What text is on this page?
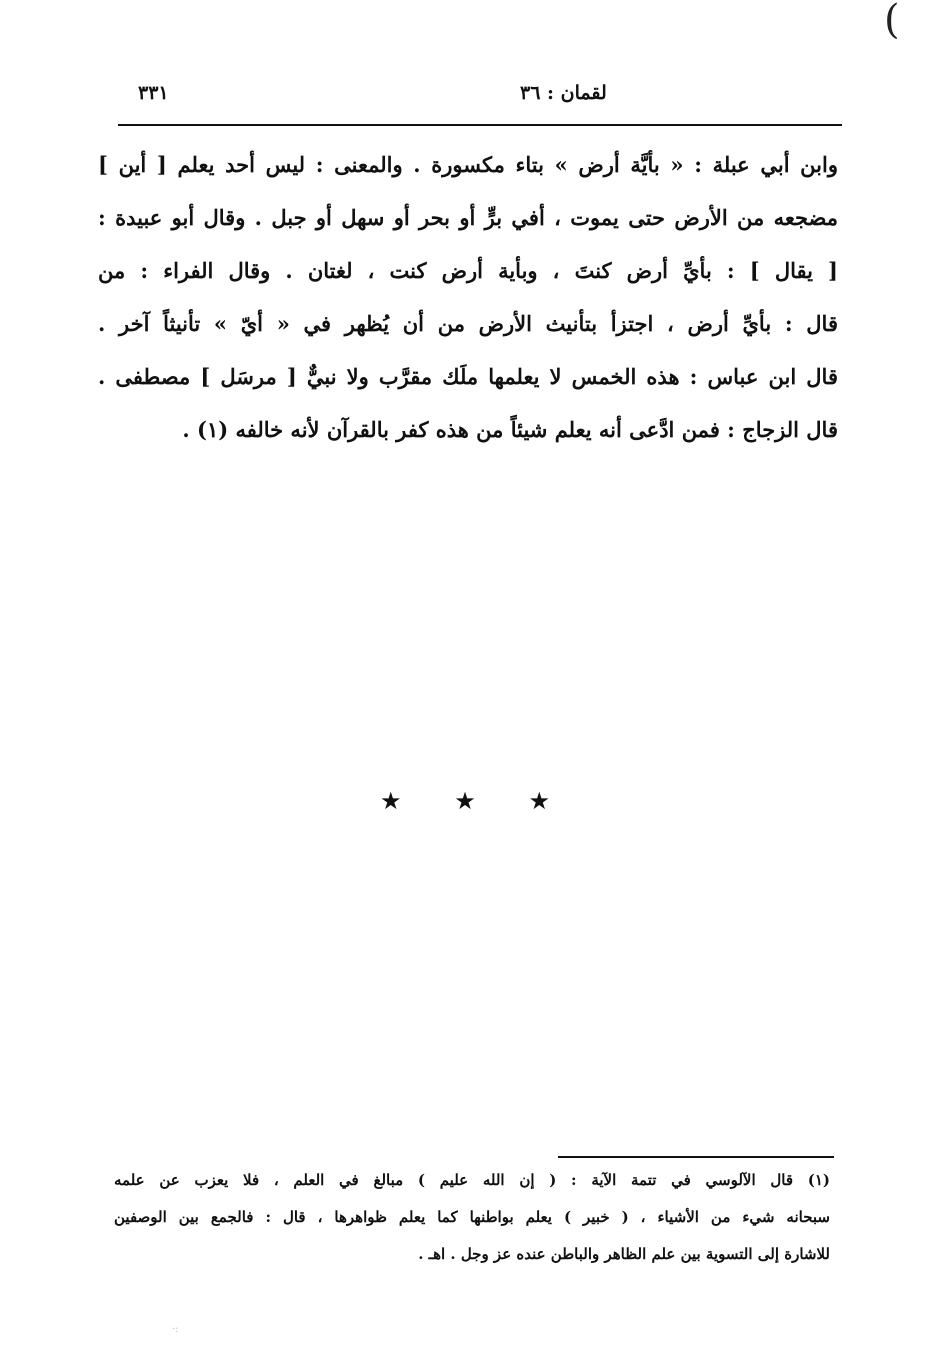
(
٣٣١	لقمان : ٣٦
وابن أبي عبلة : « بأيَّة أرض » بتاء مكسورة . والمعنى : ليس أحد يعلم [ أين ]
مضجعه من الأرض حتى يموت ، أفي برٍّ أو بحر أو سهل أو جبل . وقال أبو عبيدة :
[ يقال ] : بأيِّ أرض كنتَ ، وبأية أرض كنت ، لغتان . وقال الفراء : من
قال : بأيِّ أرض ، اجتزأ بتأنيث الأرض من أن يُظهر في « أيّ » تأنيثاً آخر .
قال ابن عباس : هذه الخمس لا يعلمها ملَك مقرَّب ولا نبيٌّ [ مرسَل ] مصطفى .
قال الزجاج : فمن ادَّعى أنه يعلم شيئاً من هذه كفر بالقرآن لأنه خالفه (١) .
★ ★ ★
(١) قال الآلوسي في تتمة الآية : ( إن الله عليم ) مبالغ في العلم ، فلا يعزب عن علمه
سبحانه شيء من الأشياء ، ( خبير ) يعلم بواطنها كما يعلم ظواهرها ، قال : فالجمع بين الوصفين
للاشارة إلى التسوية بين علم الظاهر والباطن عنده عز وجل . اهـ .
·:
